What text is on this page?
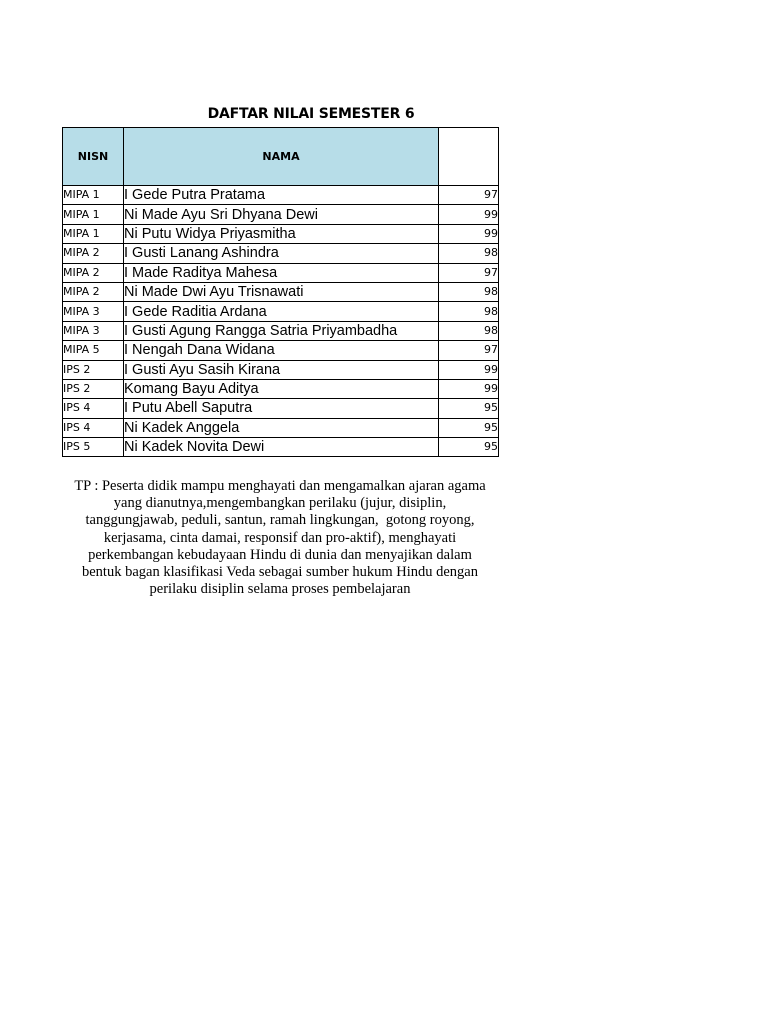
DAFTAR NILAI SEMESTER 6
NISN	NAMA	
MIPA 1	I Gede Putra Pratama	97
MIPA 1	Ni Made Ayu Sri Dhyana Dewi	99
MIPA 1	Ni Putu Widya Priyasmitha	99
MIPA 2	I Gusti Lanang Ashindra	98
MIPA 2	I Made Raditya Mahesa	97
MIPA 2	Ni Made Dwi Ayu Trisnawati	98
MIPA 3	I Gede Raditia Ardana	98
MIPA 3	I Gusti Agung Rangga Satria Priyambadha	98
MIPA 5	I Nengah Dana Widana	97
IPS 2	I Gusti Ayu Sasih Kirana	99
IPS 2	Komang Bayu Aditya	99
IPS 4	I Putu Abell Saputra	95
IPS 4	Ni Kadek Anggela	95
IPS 5	Ni Kadek Novita Dewi	95
TP : Peserta didik mampu menghayati dan mengamalkan ajaran agama
yang dianutnya,mengembangkan perilaku (jujur, disiplin,
tanggungjawab, peduli, santun, ramah lingkungan,  gotong royong,
kerjasama, cinta damai, responsif dan pro-aktif), menghayati
perkembangan kebudayaan Hindu di dunia dan menyajikan dalam
bentuk bagan klasifikasi Veda sebagai sumber hukum Hindu dengan
perilaku disiplin selama proses pembelajaran
